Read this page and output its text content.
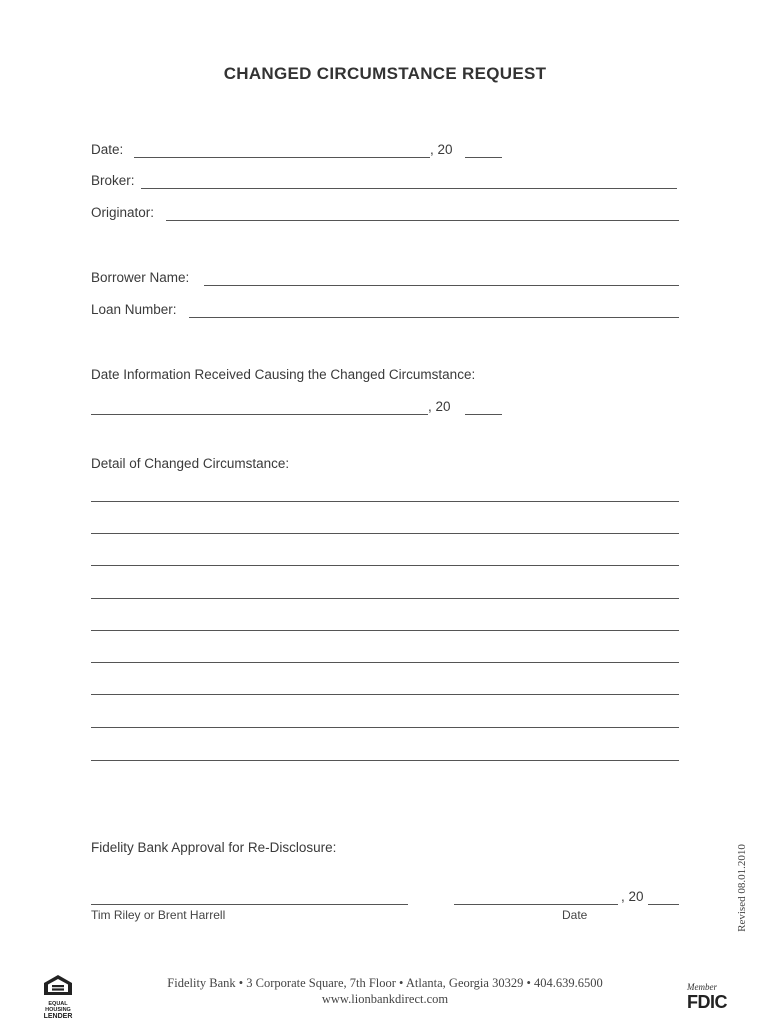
CHANGED CIRCUMSTANCE REQUEST
Date:	, 20
Broker:
Originator:
Borrower Name:
Loan Number:
Date Information Received Causing the Changed Circumstance:
, 20
Detail of Changed Circumstance:
Fidelity Bank Approval for Re-Disclosure:
Tim Riley or Brent Harrell
, 20
Date	Revised 08.01.2010
EQUAL HOUSING
LENDER
Fidelity Bank • 3 Corporate Square, 7th Floor • Atlanta, Georgia 30329 • 404.639.6500
www.lionbankdirect.com
Member
FDIC
